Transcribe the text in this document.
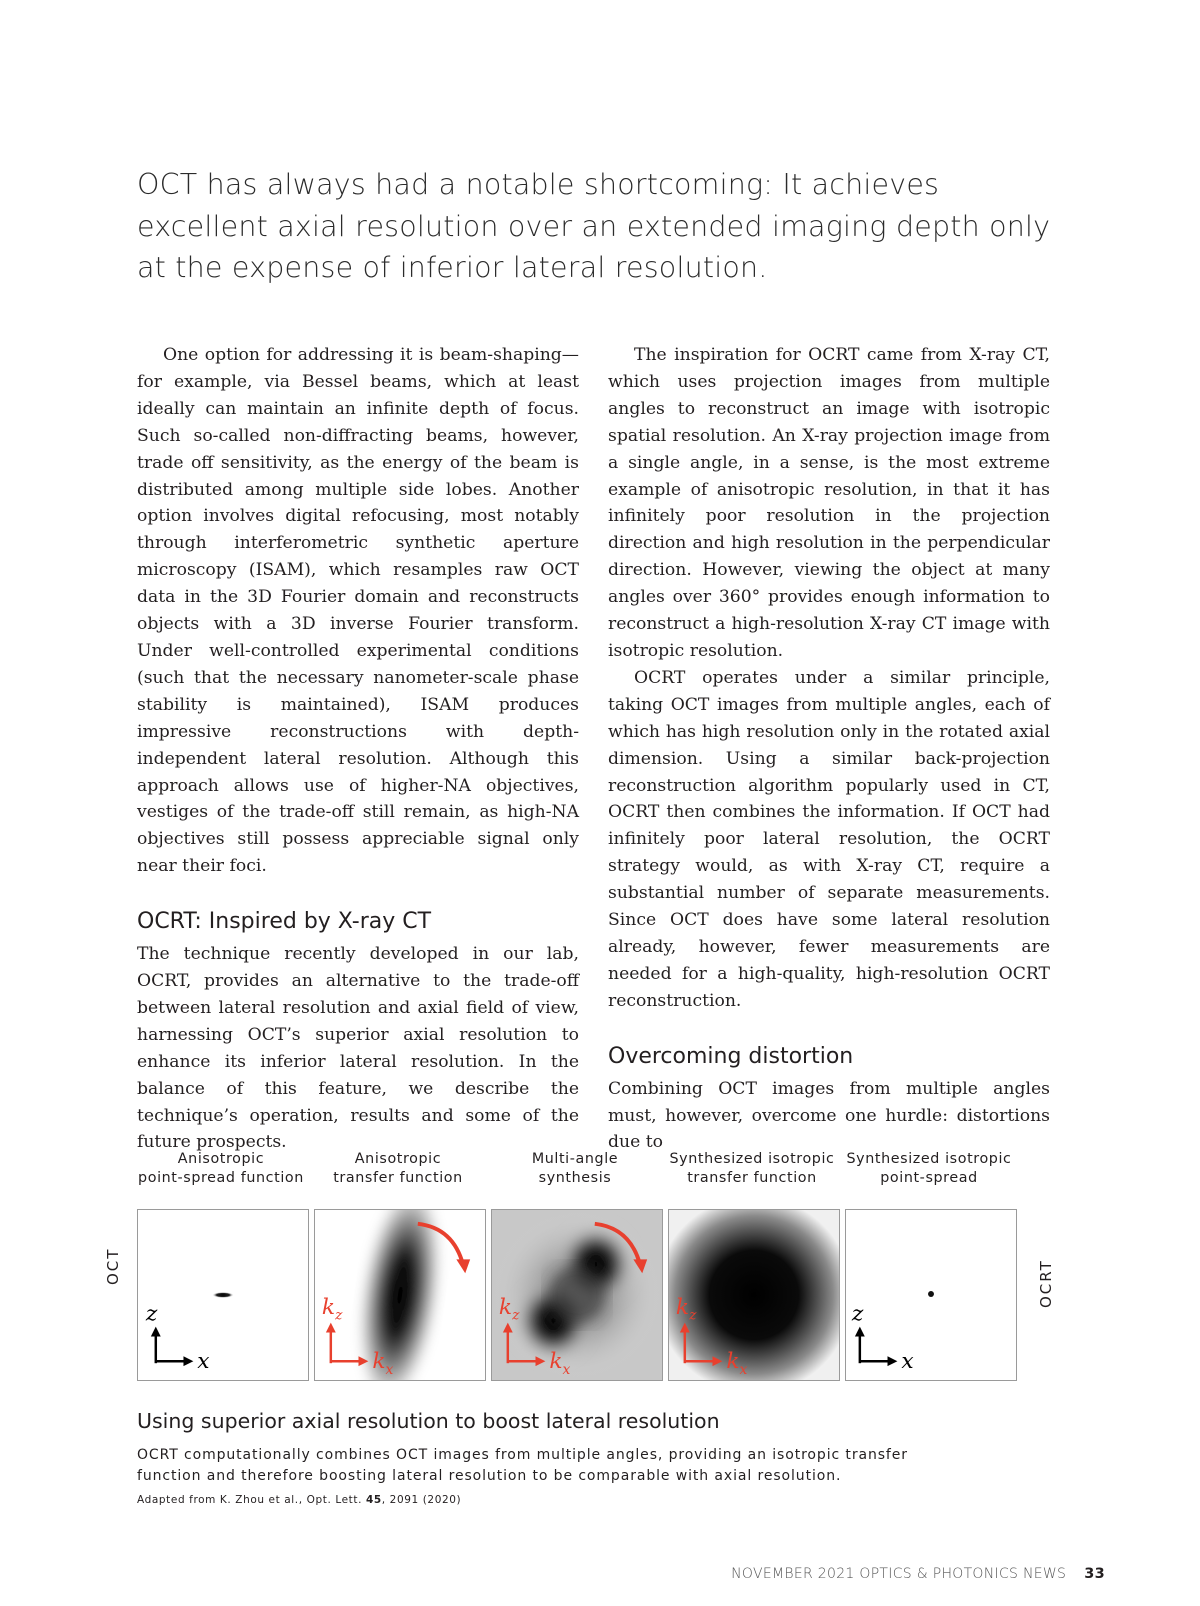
OCT has always had a notable shortcoming: It achieves excellent axial resolution over an extended imaging depth only at the expense of inferior lateral resolution.

One option for addressing it is beam-shaping—for example, via Bessel beams, which at least ideally can maintain an infinite depth of focus. Such so-called non-diffracting beams, however, trade off sensitivity, as the energy of the beam is distributed among multiple side lobes. Another option involves digital refocusing, most notably through interferometric synthetic aperture microscopy (ISAM), which resamples raw OCT data in the 3D Fourier domain and reconstructs objects with a 3D inverse Fourier transform. Under well-controlled experimental conditions (such that the necessary nanometer-scale phase stability is maintained), ISAM produces impressive reconstructions with depth-independent lateral resolution. Although this approach allows use of higher-NA objectives, vestiges of the trade-off still remain, as high-NA objectives still possess appreciable signal only near their foci.

OCRT: Inspired by X-ray CT

The technique recently developed in our lab, OCRT, provides an alternative to the trade-off between lateral resolution and axial field of view, harnessing OCT’s superior axial resolution to enhance its inferior lateral resolution. In the balance of this feature, we describe the technique’s operation, results and some of the future prospects.

The inspiration for OCRT came from X-ray CT, which uses projection images from multiple angles to reconstruct an image with isotropic spatial resolution. An X-ray projection image from a single angle, in a sense, is the most extreme example of anisotropic resolution, in that it has infinitely poor resolution in the projection direction and high resolution in the perpendicular direction. However, viewing the object at many angles over 360° provides enough information to reconstruct a high-resolution X-ray CT image with isotropic resolution.

OCRT operates under a similar principle, taking OCT images from multiple angles, each of which has high resolution only in the rotated axial dimension. Using a similar back-projection reconstruction algorithm popularly used in CT, OCRT then combines the information. If OCT had infinitely poor lateral resolution, the OCRT strategy would, as with X-ray CT, require a substantial number of separate measurements. Since OCT does have some lateral resolution already, however, fewer measurements are needed for a high-quality, high-resolution OCRT reconstruction.

Overcoming distortion

Combining OCT images from multiple angles must, however, overcome one hurdle: distortions due to

OCT	OCRT
Anisotropic
point-spread function
z
x
Anisotropic
transfer function
$k_z$
$k_x$
Multi-angle
synthesis
$k_z$
$k_x$
Synthesized isotropic
transfer function
$k_z$
$k_x$
Synthesized isotropic
point-spread
z
x
Using superior axial resolution to boost lateral resolution

OCRT computationally combines OCT images from multiple angles, providing an isotropic transfer function and therefore boosting lateral resolution to be comparable with axial resolution.

Adapted from K. Zhou et al., Opt. Lett. 45, 2091 (2020)

NOVEMBER 2021 OPTICS & PHOTONICS NEWS 33
